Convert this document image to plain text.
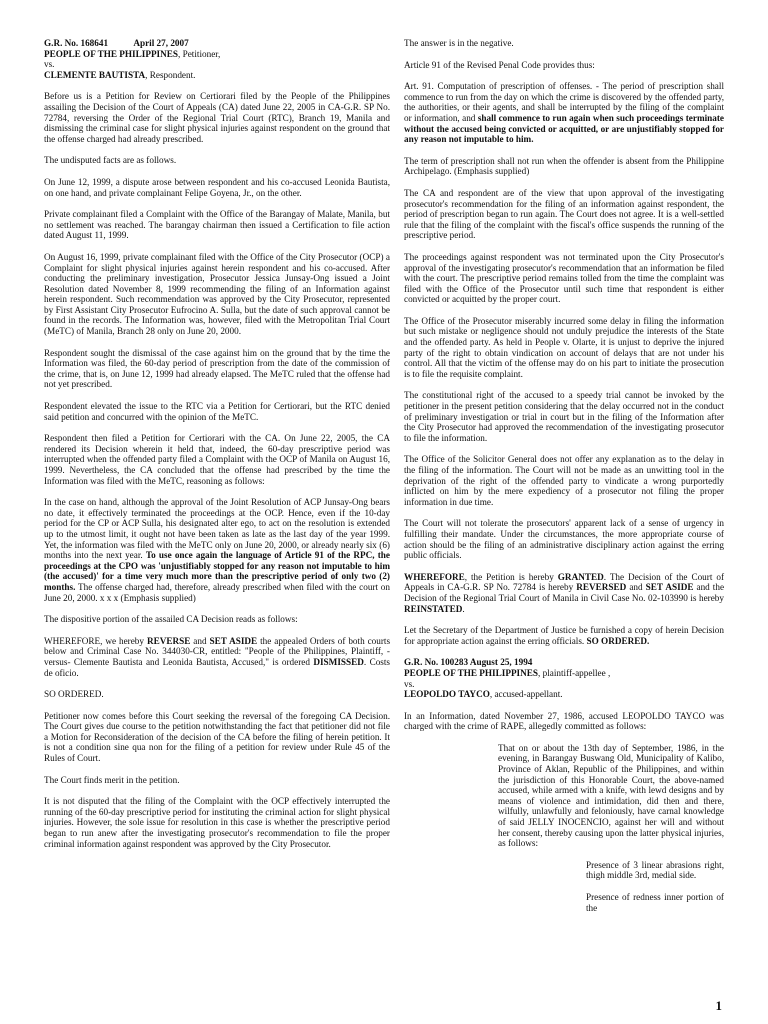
G.R. No. 168641	April 27, 2007
PEOPLE OF THE PHILIPPINES, Petitioner,
vs.
CLEMENTE BAUTISTA, Respondent.

Before us is a Petition for Review on Certiorari filed by the People of the Philippines assailing the Decision of the Court of Appeals (CA) dated June 22, 2005 in CA-G.R. SP No. 72784, reversing the Order of the Regional Trial Court (RTC), Branch 19, Manila and dismissing the criminal case for slight physical injuries against respondent on the ground that the offense charged had already prescribed.

The undisputed facts are as follows.

On June 12, 1999, a dispute arose between respondent and his co-accused Leonida Bautista, on one hand, and private complainant Felipe Goyena, Jr., on the other.

Private complainant filed a Complaint with the Office of the Barangay of Malate, Manila, but no settlement was reached. The barangay chairman then issued a Certification to file action dated August 11, 1999.

On August 16, 1999, private complainant filed with the Office of the City Prosecutor (OCP) a Complaint for slight physical injuries against herein respondent and his co-accused. After conducting the preliminary investigation, Prosecutor Jessica Junsay-Ong issued a Joint Resolution dated November 8, 1999 recommending the filing of an Information against herein respondent. Such recommendation was approved by the City Prosecutor, represented by First Assistant City Prosecutor Eufrocino A. Sulla, but the date of such approval cannot be found in the records. The Information was, however, filed with the Metropolitan Trial Court (MeTC) of Manila, Branch 28 only on June 20, 2000.

Respondent sought the dismissal of the case against him on the ground that by the time the Information was filed, the 60-day period of prescription from the date of the commission of the crime, that is, on June 12, 1999 had already elapsed. The MeTC ruled that the offense had not yet prescribed.

Respondent elevated the issue to the RTC via a Petition for Certiorari, but the RTC denied said petition and concurred with the opinion of the MeTC.

Respondent then filed a Petition for Certiorari with the CA. On June 22, 2005, the CA rendered its Decision wherein it held that, indeed, the 60-day prescriptive period was interrupted when the offended party filed a Complaint with the OCP of Manila on August 16, 1999. Nevertheless, the CA concluded that the offense had prescribed by the time the Information was filed with the MeTC, reasoning as follows:

In the case on hand, although the approval of the Joint Resolution of ACP Junsay-Ong bears no date, it effectively terminated the proceedings at the OCP. Hence, even if the 10-day period for the CP or ACP Sulla, his designated alter ego, to act on the resolution is extended up to the utmost limit, it ought not have been taken as late as the last day of the year 1999. Yet, the information was filed with the MeTC only on June 20, 2000, or already nearly six (6) months into the next year. To use once again the language of Article 91 of the RPC, the proceedings at the CPO was 'unjustifiably stopped for any reason not imputable to him (the accused)' for a time very much more than the prescriptive period of only two (2) months. The offense charged had, therefore, already prescribed when filed with the court on June 20, 2000. x x x (Emphasis supplied)

The dispositive portion of the assailed CA Decision reads as follows:

WHEREFORE, we hereby REVERSE and SET ASIDE the appealed Orders of both courts below and Criminal Case No. 344030-CR, entitled: "People of the Philippines, Plaintiff, -versus- Clemente Bautista and Leonida Bautista, Accused," is ordered DISMISSED. Costs de oficio.

SO ORDERED.

Petitioner now comes before this Court seeking the reversal of the foregoing CA Decision. The Court gives due course to the petition notwithstanding the fact that petitioner did not file a Motion for Reconsideration of the decision of the CA before the filing of herein petition. It is not a condition sine qua non for the filing of a petition for review under Rule 45 of the Rules of Court.

The Court finds merit in the petition.

It is not disputed that the filing of the Complaint with the OCP effectively interrupted the running of the 60-day prescriptive period for instituting the criminal action for slight physical injuries. However, the sole issue for resolution in this case is whether the prescriptive period began to run anew after the investigating prosecutor's recommendation to file the proper criminal information against respondent was approved by the City Prosecutor.

The answer is in the negative.

Article 91 of the Revised Penal Code provides thus:

Art. 91. Computation of prescription of offenses. - The period of prescription shall commence to run from the day on which the crime is discovered by the offended party, the authorities, or their agents, and shall be interrupted by the filing of the complaint or information, and shall commence to run again when such proceedings terminate without the accused being convicted or acquitted, or are unjustifiably stopped for any reason not imputable to him.

The term of prescription shall not run when the offender is absent from the Philippine Archipelago. (Emphasis supplied)

The CA and respondent are of the view that upon approval of the investigating prosecutor's recommendation for the filing of an information against respondent, the period of prescription began to run again. The Court does not agree. It is a well-settled rule that the filing of the complaint with the fiscal's office suspends the running of the prescriptive period.

The proceedings against respondent was not terminated upon the City Prosecutor's approval of the investigating prosecutor's recommendation that an information be filed with the court. The prescriptive period remains tolled from the time the complaint was filed with the Office of the Prosecutor until such time that respondent is either convicted or acquitted by the proper court.

The Office of the Prosecutor miserably incurred some delay in filing the information but such mistake or negligence should not unduly prejudice the interests of the State and the offended party. As held in People v. Olarte, it is unjust to deprive the injured party of the right to obtain vindication on account of delays that are not under his control. All that the victim of the offense may do on his part to initiate the prosecution is to file the requisite complaint.

The constitutional right of the accused to a speedy trial cannot be invoked by the petitioner in the present petition considering that the delay occurred not in the conduct of preliminary investigation or trial in court but in the filing of the Information after the City Prosecutor had approved the recommendation of the investigating prosecutor to file the information.

The Office of the Solicitor General does not offer any explanation as to the delay in the filing of the information. The Court will not be made as an unwitting tool in the deprivation of the right of the offended party to vindicate a wrong purportedly inflicted on him by the mere expediency of a prosecutor not filing the proper information in due time.

The Court will not tolerate the prosecutors' apparent lack of a sense of urgency in fulfilling their mandate. Under the circumstances, the more appropriate course of action should be the filing of an administrative disciplinary action against the erring public officials.

WHEREFORE, the Petition is hereby GRANTED. The Decision of the Court of Appeals in CA-G.R. SP No. 72784 is hereby REVERSED and SET ASIDE and the Decision of the Regional Trial Court of Manila in Civil Case No. 02-103990 is hereby REINSTATED.

Let the Secretary of the Department of Justice be furnished a copy of herein Decision for appropriate action against the erring officials. SO ORDERED.

G.R. No. 100283 August 25, 1994
PEOPLE OF THE PHILIPPINES, plaintiff-appellee ,
vs.
LEOPOLDO TAYCO, accused-appellant.

In an Information, dated November 27, 1986, accused LEOPOLDO TAYCO was charged with the crime of RAPE, allegedly committed as follows:

That on or about the 13th day of September, 1986, in the evening, in Barangay Buswang Old, Municipality of Kalibo, Province of Aklan, Republic of the Philippines, and within the jurisdiction of this Honorable Court, the above-named accused, while armed with a knife, with lewd designs and by means of violence and intimidation, did then and there, wilfully, unlawfully and feloniously, have carnal knowledge of said JELLY INOCENCIO, against her will and without her consent, thereby causing upon the latter physical injuries, as follows:

Presence of 3 linear abrasions right, thigh middle 3rd, medial side.

Presence of redness inner portion of the

1
